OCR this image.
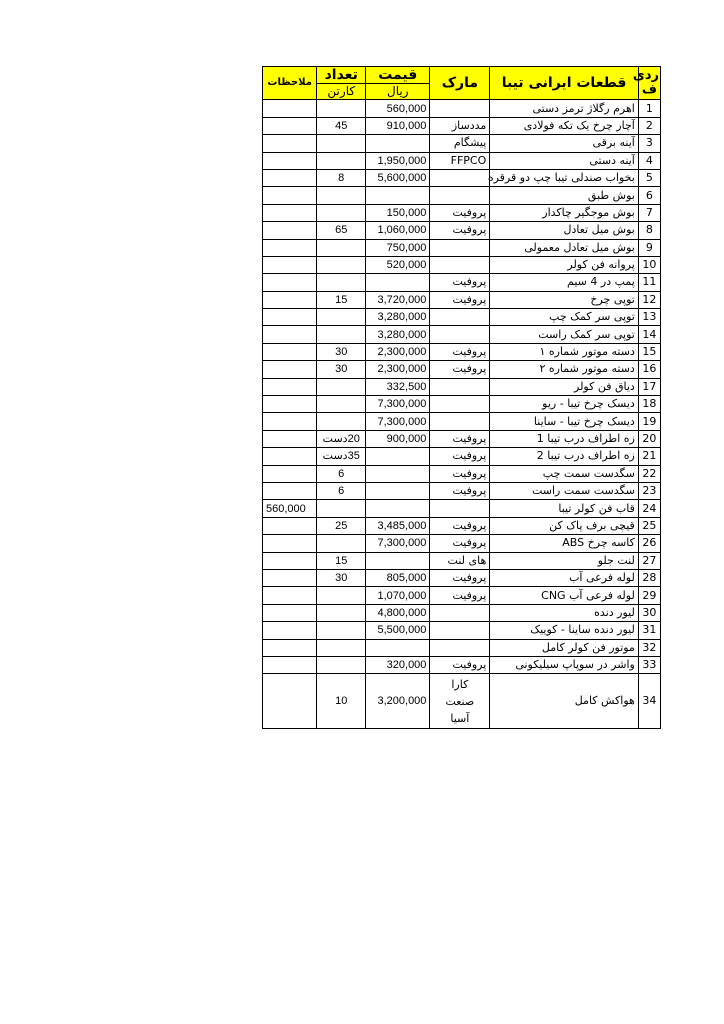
ردی
ف	قطعات ایرانی تیبا	مارک	قیمت	تعداد	ملاحظات
			ریال	کارتن	
1	اهرم رگلاژ ترمز دستی		560,000		
2	آچار چرخ یک تکه فولادی	مددساز	910,000	45	
3	آینه برقی	پیشگام			
4	آینه دستی	FFPCO	1,950,000		
5	بخواب صندلی تیبا چپ دو قرقره		5,600,000	8	
6	بوش طبق				
7	بوش موجگیر چاکدار	پروفیت	150,000		
8	بوش میل تعادل	پروفیت	1,060,000	65	
9	بوش میل تعادل معمولی		750,000		
10	پروانه فن کولر		520,000		
11	پمپ در 4 سیم	پروفیت			
12	توپی چرخ	پروفیت	3,720,000	15	
13	توپی سر کمک چپ		3,280,000		
14	توپی سر کمک راست		3,280,000		
15	دسته موتور شماره ۱	پروفیت	2,300,000	30	
16	دسته موتور شماره ۲	پروفیت	2,300,000	30	
17	دیاق فن کولر		332,500		
18	دیسک چرخ تیبا - ریو		7,300,000		
19	دیسک چرخ تیبا - ساینا		7,300,000		
20	زه اطراف درب تیبا 1	پروفیت	900,000	20دست	
21	زه اطراف درب تیبا 2	پروفیت		35دست	
22	سگدست سمت چپ	پروفیت		6	
23	سگدست سمت راست	پروفیت		6	
24	قاب فن کولر تیبا				560,000
25	قیچی برف پاک کن	پروفیت	3,485,000	25	
26	کاسه چرخ ABS	پروفیت	7,300,000		
27	لنت جلو	های لنت		15	
28	لوله فرعی آب	پروفیت	805,000	30	
29	لوله فرعی آب CNG	پروفیت	1,070,000		
30	لیور دنده		4,800,000		
31	لیور دنده ساینا - کوییک		5,500,000		
32	موتور فن کولر کامل				
33	واشر در سوپاپ سیلیکونی	پروفیت	320,000		
34	هواکش کامل	کارا
صنعت
آسیا	3,200,000	10	
